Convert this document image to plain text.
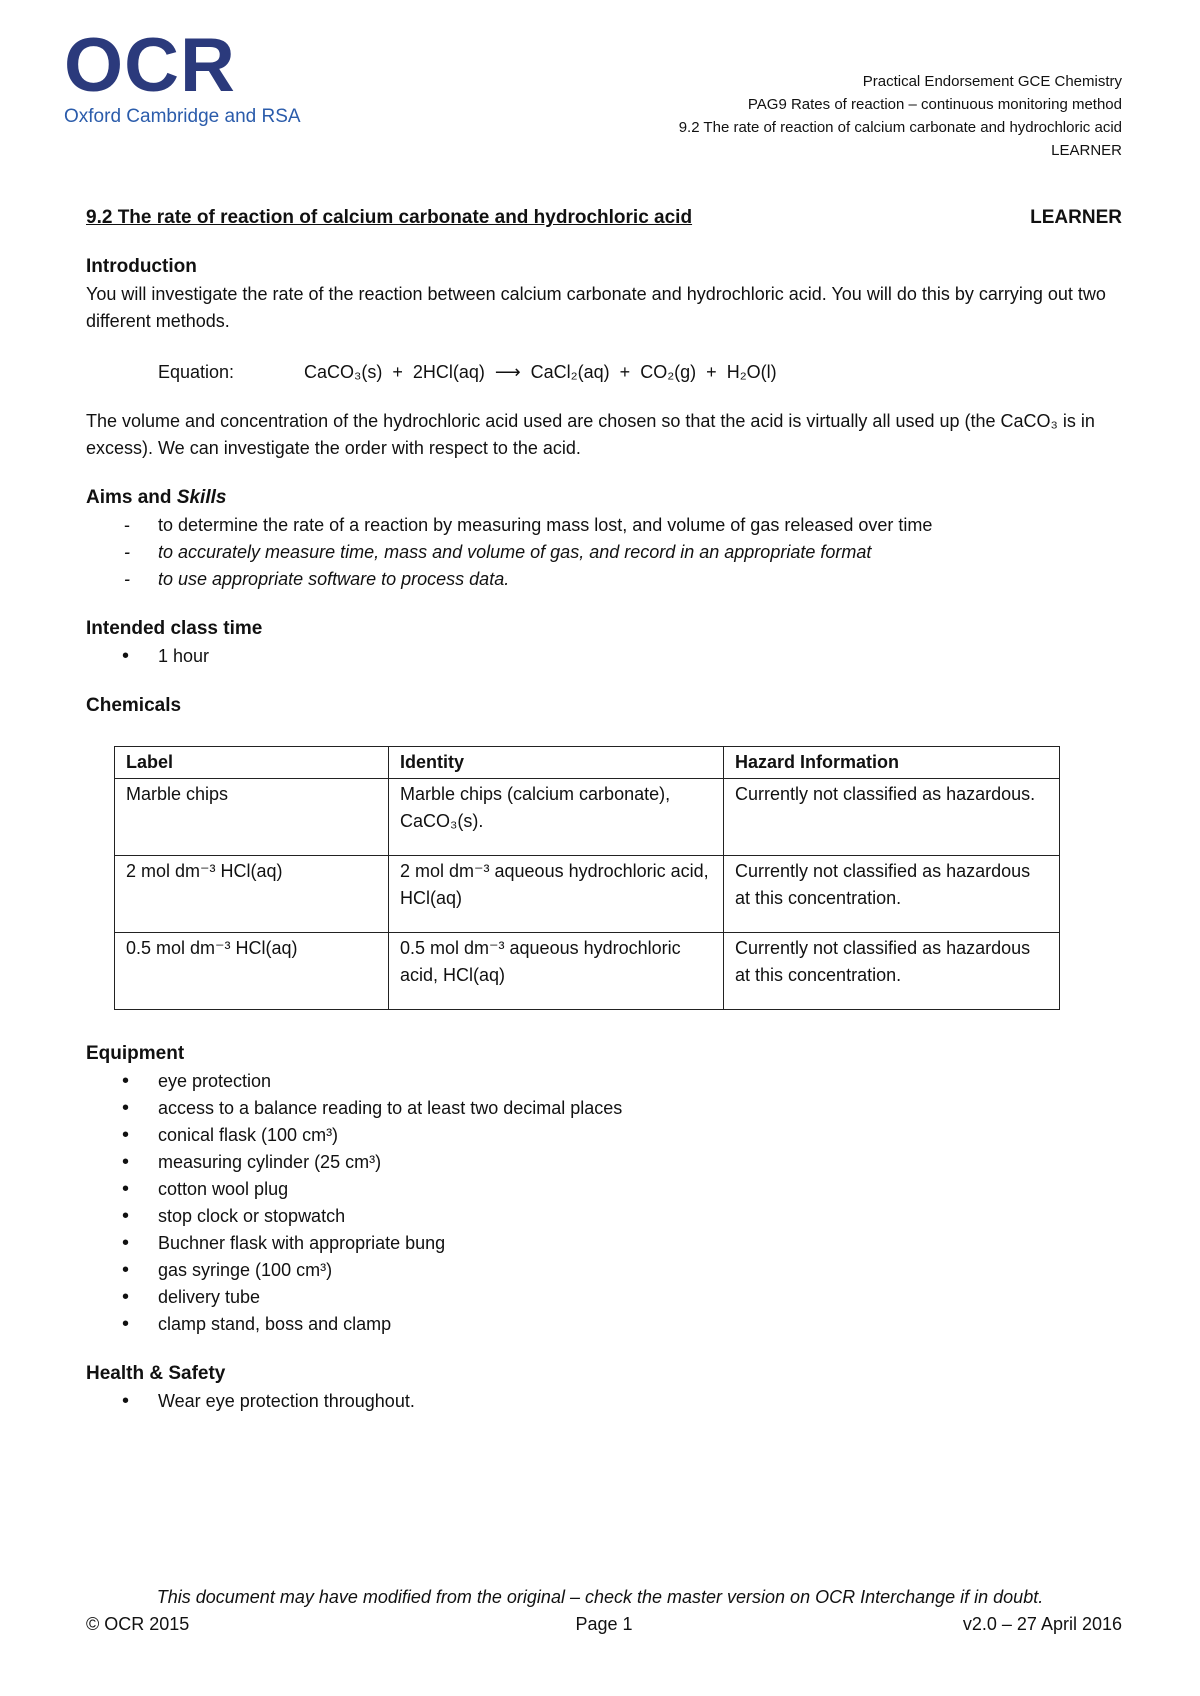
OCR
Oxford Cambridge and RSA
Practical Endorsement GCE Chemistry
PAG9 Rates of reaction – continuous monitoring method
9.2 The rate of reaction of calcium carbonate and hydrochloric acid
LEARNER
9.2 The rate of reaction of calcium carbonate and hydrochloric acid	LEARNER
Introduction

You will investigate the rate of the reaction between calcium carbonate and hydrochloric acid. You will do this by carrying out two different methods.

Equation:	CaCO₃(s)  +  2HCl(aq)  ⟶  CaCl₂(aq)  +  CO₂(g)  +  H₂O(l)

The volume and concentration of the hydrochloric acid used are chosen so that the acid is virtually all used up (the CaCO₃ is in excess). We can investigate the order with respect to the acid.

Aims and Skills
- to determine the rate of a reaction by measuring mass lost, and volume of gas released over time
- to accurately measure time, mass and volume of gas, and record in an appropriate format
- to use appropriate software to process data.
Intended class time
• 1 hour
Chemicals
Label	Identity	Hazard Information
Marble chips	Marble chips (calcium carbonate), CaCO₃(s).	Currently not classified as hazardous.
2 mol dm⁻³ HCl(aq)	2 mol dm⁻³ aqueous hydrochloric acid, HCl(aq)	Currently not classified as hazardous at this concentration.
0.5 mol dm⁻³ HCl(aq)	0.5 mol dm⁻³ aqueous hydrochloric acid, HCl(aq)	Currently not classified as hazardous at this concentration.
Equipment
• eye protection
• access to a balance reading to at least two decimal places
• conical flask (100 cm³)
• measuring cylinder (25 cm³)
• cotton wool plug
• stop clock or stopwatch
• Buchner flask with appropriate bung
• gas syringe (100 cm³)
• delivery tube
• clamp stand, boss and clamp
Health & Safety
• Wear eye protection throughout.
This document may have modified from the original – check the master version on OCR Interchange if in doubt.
© OCR 2015	Page 1	v2.0 – 27 April 2016
